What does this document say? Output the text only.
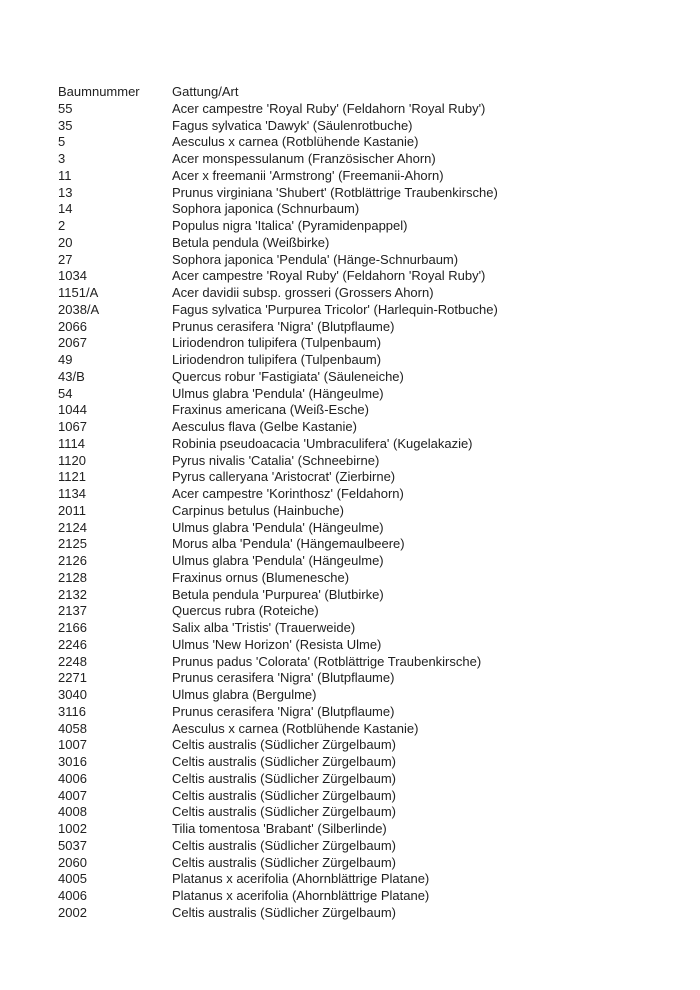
Baumnummer	Gattung/Art
55	Acer campestre 'Royal Ruby' (Feldahorn 'Royal Ruby')
35	Fagus sylvatica 'Dawyk' (Säulenrotbuche)
5	Aesculus x carnea (Rotblühende Kastanie)
3	Acer monspessulanum (Französischer Ahorn)
11	Acer x freemanii 'Armstrong' (Freemanii-Ahorn)
13	Prunus virginiana 'Shubert' (Rotblättrige Traubenkirsche)
14	Sophora japonica (Schnurbaum)
2	Populus nigra 'Italica' (Pyramidenpappel)
20	Betula pendula (Weißbirke)
27	Sophora japonica 'Pendula' (Hänge-Schnurbaum)
1034	Acer campestre 'Royal Ruby' (Feldahorn 'Royal Ruby')
1151/A	Acer davidii subsp. grosseri (Grossers Ahorn)
2038/A	Fagus sylvatica 'Purpurea Tricolor' (Harlequin-Rotbuche)
2066	Prunus cerasifera 'Nigra' (Blutpflaume)
2067	Liriodendron tulipifera (Tulpenbaum)
49	Liriodendron tulipifera (Tulpenbaum)
43/B	Quercus robur 'Fastigiata' (Säuleneiche)
54	Ulmus glabra 'Pendula' (Hängeulme)
1044	Fraxinus americana (Weiß-Esche)
1067	Aesculus flava (Gelbe Kastanie)
1114	Robinia pseudoacacia 'Umbraculifera' (Kugelakazie)
1120	Pyrus nivalis 'Catalia' (Schneebirne)
1121	Pyrus calleryana 'Aristocrat' (Zierbirne)
1134	Acer campestre 'Korinthosz' (Feldahorn)
2011	Carpinus betulus (Hainbuche)
2124	Ulmus glabra 'Pendula' (Hängeulme)
2125	Morus alba 'Pendula' (Hängemaulbeere)
2126	Ulmus glabra 'Pendula' (Hängeulme)
2128	Fraxinus ornus (Blumenesche)
2132	Betula pendula 'Purpurea' (Blutbirke)
2137	Quercus rubra (Roteiche)
2166	Salix alba 'Tristis' (Trauerweide)
2246	Ulmus 'New Horizon' (Resista Ulme)
2248	Prunus padus 'Colorata' (Rotblättrige Traubenkirsche)
2271	Prunus cerasifera 'Nigra' (Blutpflaume)
3040	Ulmus glabra (Bergulme)
3116	Prunus cerasifera 'Nigra' (Blutpflaume)
4058	Aesculus x carnea (Rotblühende Kastanie)
1007	Celtis australis (Südlicher Zürgelbaum)
3016	Celtis australis (Südlicher Zürgelbaum)
4006	Celtis australis (Südlicher Zürgelbaum)
4007	Celtis australis (Südlicher Zürgelbaum)
4008	Celtis australis (Südlicher Zürgelbaum)
1002	Tilia tomentosa 'Brabant' (Silberlinde)
5037	Celtis australis (Südlicher Zürgelbaum)
2060	Celtis australis (Südlicher Zürgelbaum)
4005	Platanus x acerifolia (Ahornblättrige Platane)
4006	Platanus x acerifolia (Ahornblättrige Platane)
2002	Celtis australis (Südlicher Zürgelbaum)
